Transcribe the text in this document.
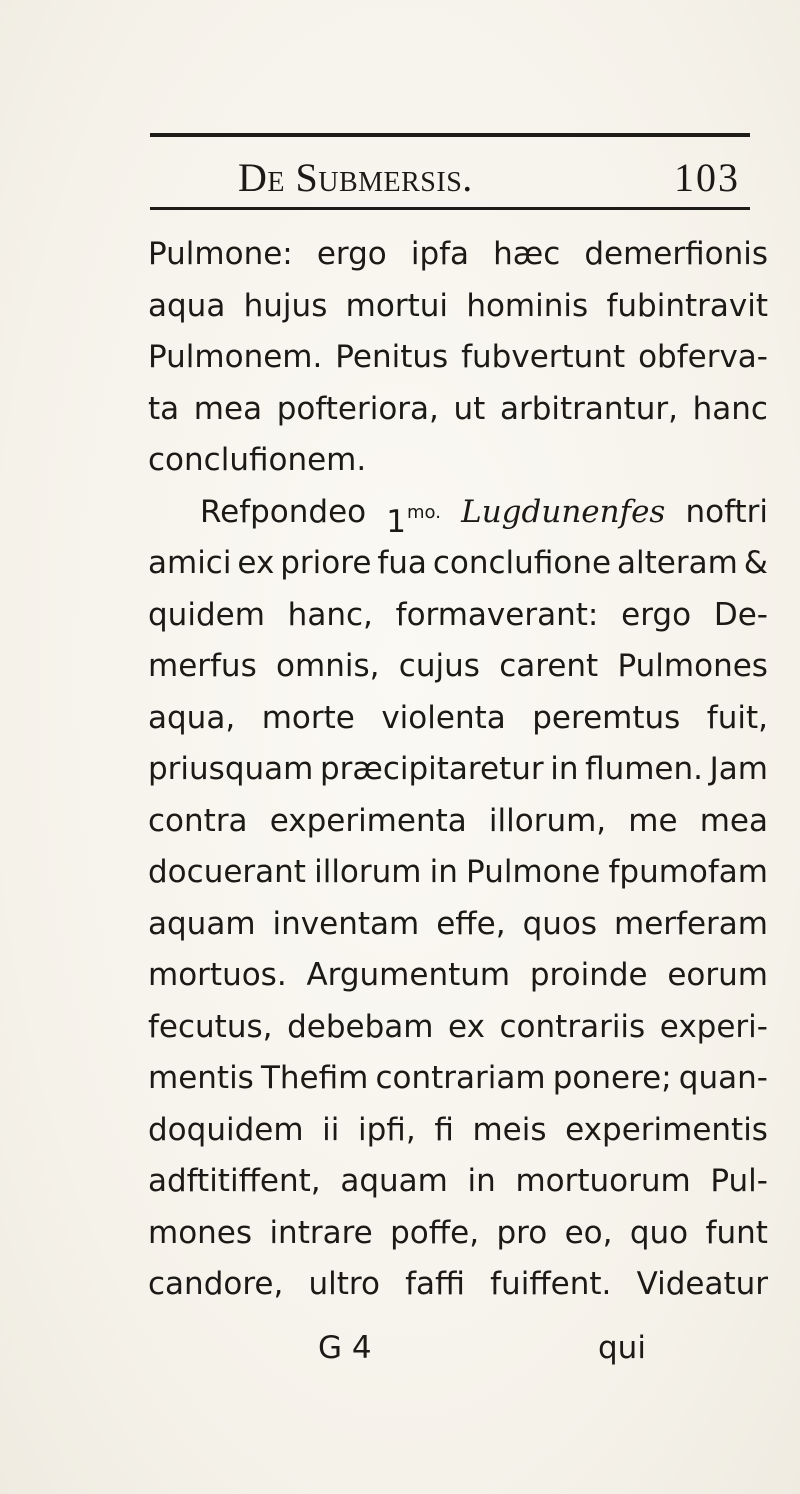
De Submersis.	103
Pulmone: ergo ipfa hæc demerfionis
aqua hujus mortui hominis fubintravit
Pulmonem. Penitus fubvertunt obferva-
ta mea pofteriora, ut arbitrantur, hanc
conclufionem.
Refpondeo 1mo. Lugdunenfes noftri
amici ex priore fua conclufione alteram &
quidem hanc, formaverant: ergo De-
merfus omnis, cujus carent Pulmones
aqua, morte violenta peremtus fuit,
priusquam præcipitaretur in flumen. Jam
contra experimenta illorum, me mea
docuerant illorum in Pulmone fpumofam
aquam inventam effe, quos merferam
mortuos. Argumentum proinde eorum
fecutus, debebam ex contrariis experi-
mentis Thefim contrariam ponere; quan-
doquidem ii ipfi, fi meis experimentis
adftitiffent, aquam in mortuorum Pul-
mones intrare poffe, pro eo, quo funt
candore, ultro faffi fuiffent. Videatur
G 4	qui
